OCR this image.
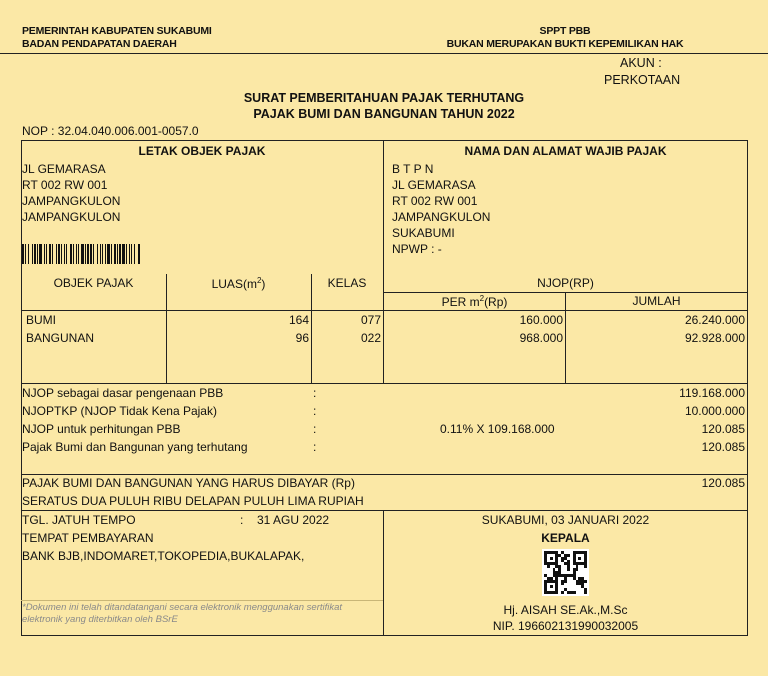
PEMERINTAH KABUPATEN SUKABUMI
BADAN PENDAPATAN DAERAH
SPPT PBB
BUKAN MERUPAKAN BUKTI KEPEMILIKAN HAK
AKUN :
PERKOTAAN
SURAT PEMBERITAHUAN PAJAK TERHUTANG
PAJAK BUMI DAN BANGUNAN TAHUN 2022
NOP : 32.04.040.006.001-0057.0
LETAK OBJEK PAJAK	NAMA DAN ALAMAT WAJIB PAJAK
JL GEMARASA
RT 002 RW 001
JAMPANGKULON
JAMPANGKULON
B T P N
JL GEMARASA
RT 002 RW 001
JAMPANGKULON
SUKABUMI
NPWP : -
OBJEK PAJAK	$LUAS(m^2)$	KELAS	NJOP(RP)
PER $m^2(Rp)$	JUMLAH
BUMI	164	077	160.000	26.240.000
BANGUNAN	96	022	968.000	92.928.000
NJOP sebagai dasar pengenaan PBB	:	119.168.000
NJOPTKP (NJOP Tidak Kena Pajak)	:	10.000.000
NJOP untuk perhitungan PBB	:	0.11% X 109.168.000	120.085
Pajak Bumi dan Bangunan yang terhutang	:	120.085
PAJAK BUMI DAN BANGUNAN YANG HARUS DIBAYAR (Rp)	120.085
SERATUS DUA PULUH RIBU DELAPAN PULUH LIMA RUPIAH
TGL. JATUH TEMPO	: 31 AGU 2022
TEMPAT PEMBAYARAN
BANK BJB,INDOMARET,TOKOPEDIA,BUKALAPAK,
*Dokumen ini telah ditandatangani secara elektronik menggunakan sertifikat elektronik yang diterbitkan oleh BSrE
SUKABUMI, 03 JANUARI 2022
KEPALA
Hj. AISAH SE.Ak.,M.Sc
NIP. 196602131990032005
